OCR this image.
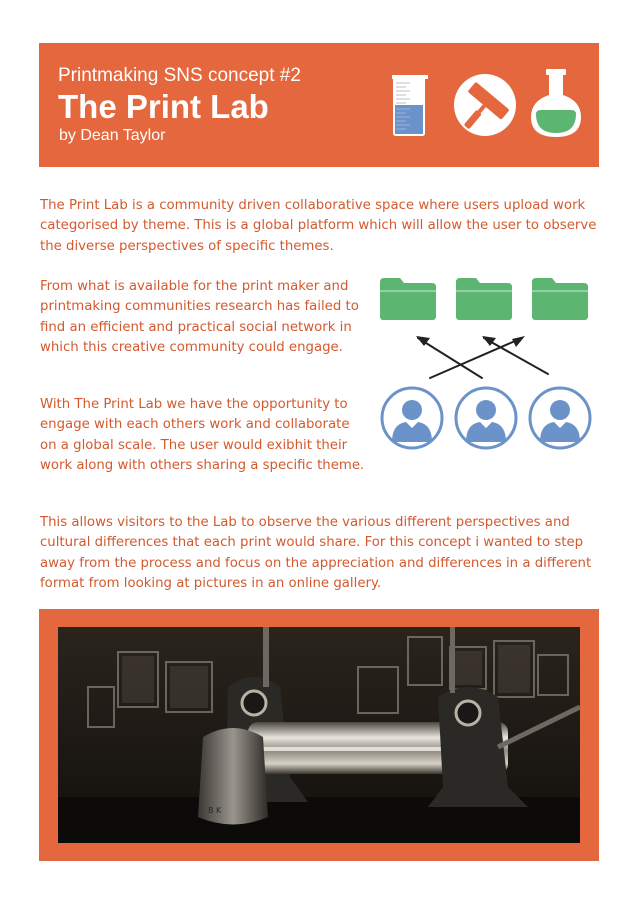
Printmaking SNS concept #2
The Print Lab
by Dean Taylor

The Print Lab is a community driven collaborative space where users upload work categorised by theme. This is a global platform which will allow the user to observe the diverse perspectives of specific themes.

From what is available for the print maker and printmaking communities research has failed to find an efficient and practical social network in which this creative community could engage.

With The Print Lab we have the opportunity to engage with each others work and collaborate on a global scale. The user would exibhit their work along with others sharing a specific theme.

This allows visitors to the Lab to observe the various different perspectives and cultural differences that each print would share. For this concept i wanted to step away from the process and focus on the appreciation and differences in a different format from looking at pictures in an online gallery.

B K
